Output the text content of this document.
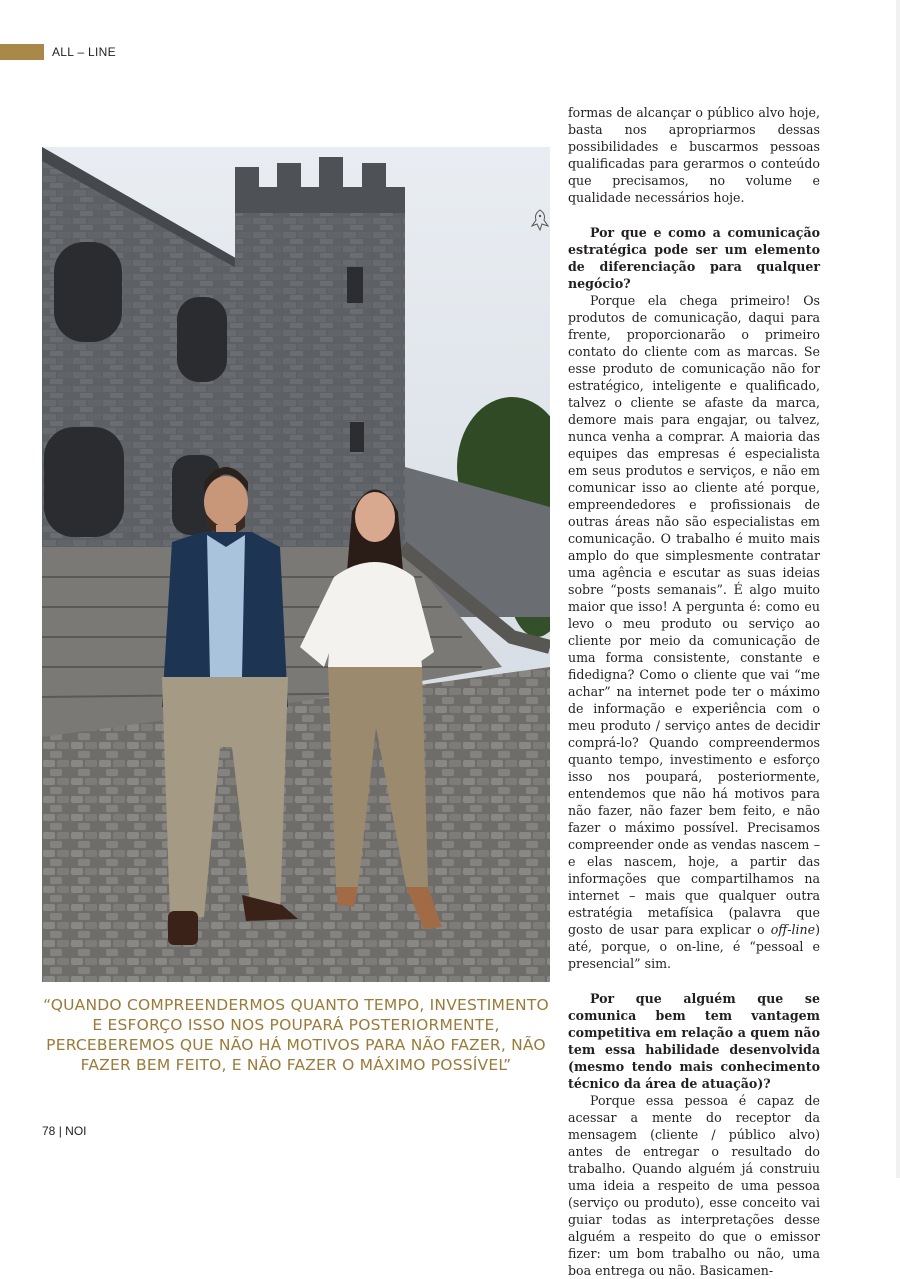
ALL – LINE
“QUANDO COMPREENDERMOS QUANTO TEMPO, INVESTIMENTO E ESFORÇO ISSO NOS POUPARÁ POSTERIORMENTE, PERCEBEREMOS QUE NÃO HÁ MOTIVOS PARA NÃO FAZER, NÃO FAZER BEM FEITO, E NÃO FAZER O MÁXIMO POSSÍVEL”

formas de alcançar o público alvo hoje, basta nos apropriarmos dessas possibilidades e buscarmos pessoas qualificadas para gerarmos o conteúdo que precisamos, no volume e qualidade necessários hoje.

Por que e como a comunicação estratégica pode ser um elemento de diferenciação para qualquer negócio?

Porque ela chega primeiro! Os produtos de comunicação, daqui para frente, proporcionarão o primeiro contato do cliente com as marcas. Se esse produto de comunicação não for estratégico, inteligente e qualificado, talvez o cliente se afaste da marca, demore mais para engajar, ou talvez, nunca venha a comprar. A maioria das equipes das empresas é especialista em seus produtos e serviços, e não em comunicar isso ao cliente até porque, empreendedores e profissionais de outras áreas não são especialistas em comunicação. O trabalho é muito mais amplo do que simplesmente contratar uma agência e escutar as suas ideias sobre “posts semanais”. É algo muito maior que isso! A pergunta é: como eu levo o meu produto ou serviço ao cliente por meio da comunicação de uma forma consistente, constante e fidedigna? Como o cliente que vai “me achar” na internet pode ter o máximo de informação e experiência com o meu produto / serviço antes de decidir comprá-lo? Quando compreendermos quanto tempo, investimento e esforço isso nos poupará, posteriormente, entendemos que não há motivos para não fazer, não fazer bem feito, e não fazer o máximo possível. Precisamos compreender onde as vendas nascem – e elas nascem, hoje, a partir das informações que compartilhamos na internet – mais que qualquer outra estratégia metafísica (palavra que gosto de usar para explicar o off-line) até, porque, o on-line, é “pessoal e presencial” sim.

Por que alguém que se comunica bem tem vantagem competitiva em relação a quem não tem essa habilidade desenvolvida (mesmo tendo mais conhecimento técnico da área de atuação)?

Porque essa pessoa é capaz de acessar a mente do receptor da mensagem (cliente / público alvo) antes de entregar o resultado do trabalho. Quando alguém já construiu uma ideia a respeito de uma pessoa (serviço ou produto), esse conceito vai guiar todas as interpretações desse alguém a respeito do que o emissor fizer: um bom trabalho ou não, uma boa entrega ou não. Basicamen-

78 | NOI
